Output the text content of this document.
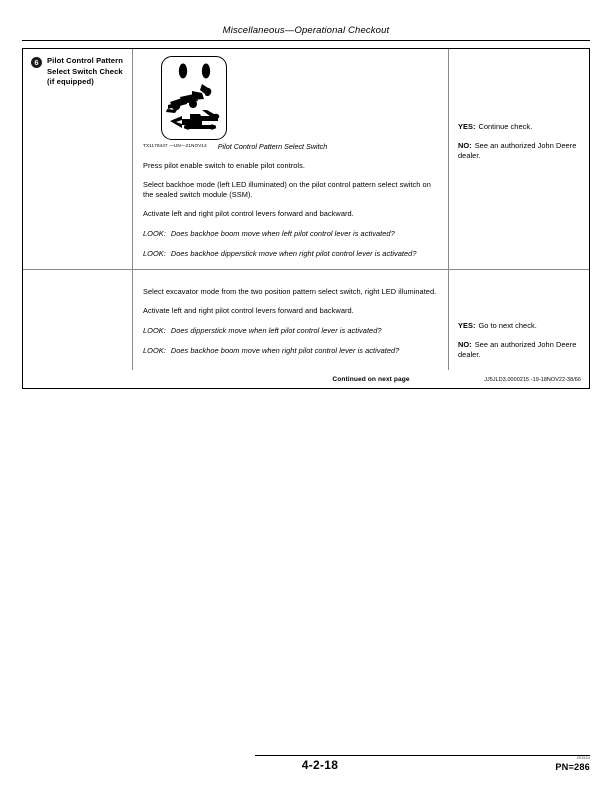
Miscellaneous—Operational Checkout
6	Pilot Control Pattern Select Switch Check (if equipped)
TX1178447 —UN—21NOV14	Pilot Control Pattern Select Switch
Press pilot enable switch to enable pilot controls.
Select backhoe mode (left LED illuminated) on the pilot control pattern select switch on the sealed switch module (SSM).
Activate left and right pilot control levers forward and backward.
LOOK: Does backhoe boom move when left pilot control lever is activated?
LOOK: Does backhoe dipperstick move when right pilot control lever is activated?
YES: Continue check.
NO: See an authorized John Deere dealer.
Select excavator mode from the two position pattern select switch, right LED illuminated.
Activate left and right pilot control levers forward and backward.
LOOK: Does dipperstick move when left pilot control lever is activated?
LOOK: Does backhoe boom move when right pilot control lever is activated?
YES: Go to next check.
NO: See an authorized John Deere dealer.
Continued on next page	JJ5JLD3,0000215 -19-18NOV22-38/66
4-2-18	091524
PN=286
